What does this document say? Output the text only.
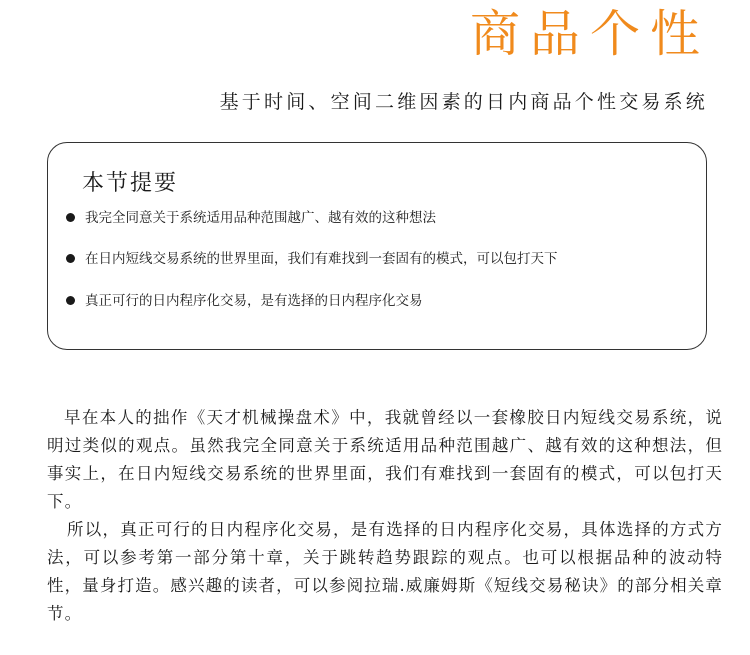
商品个性
基于时间、空间二维因素的日内商品个性交易系统
本节提要
我完全同意关于系统适用品种范围越广、越有效的这种想法
在日内短线交易系统的世界里面，我们有难找到一套固有的模式，可以包打天下
真正可行的日内程序化交易，是有选择的日内程序化交易

早在本人的拙作《天才机械操盘术》中，我就曾经以一套橡胶日内短线交易系统，说明过类似的观点。虽然我完全同意关于系统适用品种范围越广、越有效的这种想法，但事实上，在日内短线交易系统的世界里面，我们有难找到一套固有的模式，可以包打天下。

所以，真正可行的日内程序化交易，是有选择的日内程序化交易，具体选择的方式方法，可以参考第一部分第十章，关于跳转趋势跟踪的观点。也可以根据品种的波动特性，量身打造。感兴趣的读者，可以参阅拉瑞.威廉姆斯《短线交易秘诀》的部分相关章节。
